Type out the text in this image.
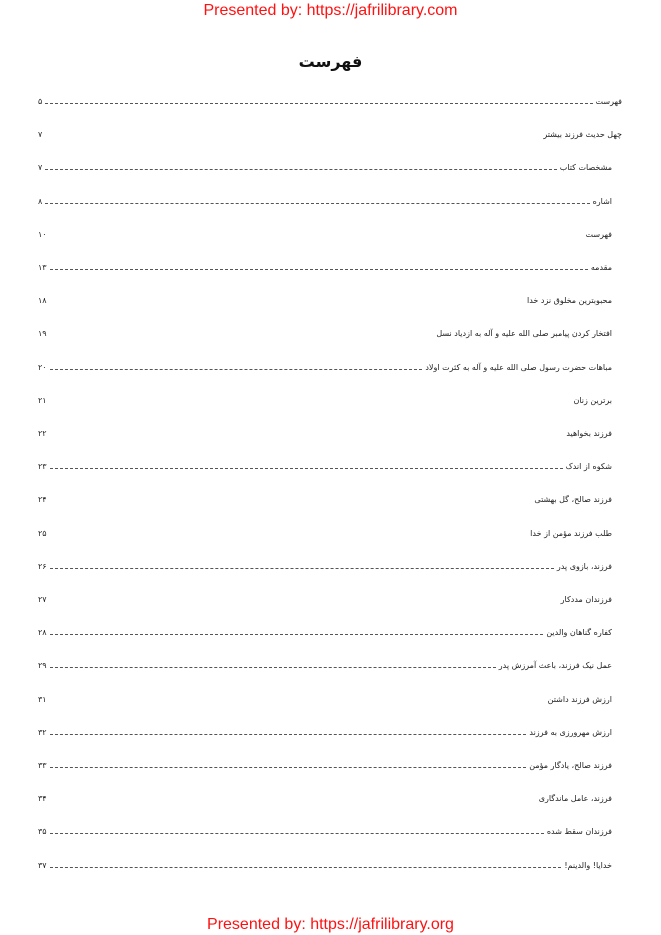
Presented by: https://jafrilibrary.com
فهرست
فهرست
۵
چهل حدیث فرزند بیشتر
۷
مشخصات کتاب
۷
اشاره
۸
فهرست
۱۰
مقدمه
۱۳
محبوبترین مخلوق نزد خدا
۱۸
افتخار کردن پیامبر صلی الله علیه و آله به ازدیاد نسل
۱۹
مباهات حضرت رسول صلی الله علیه و آله به کثرت اولاد
۲۰
برترین زنان
۲۱
فرزند بخواهید
۲۲
شکوه از اندک
۲۳
فرزند صالح، گل بهشتی
۲۴
طلب فرزند مؤمن از خدا
۲۵
فرزند، بازوی پدر
۲۶
فرزندان مددکار
۲۷
کفاره گناهان والدین
۲۸
عمل نیک فرزند، باعث آمرزش پدر
۲۹
ارزش فرزند داشتن
۳۱
ارزش مهرورزی به فرزند
۳۲
فرزند صالح، یادگار مؤمن
۳۳
فرزند، عامل ماندگاری
۳۴
فرزندان سقط شده
۳۵
خدایا! والدینم!
۳۷
Presented by: https://jafrilibrary.org
